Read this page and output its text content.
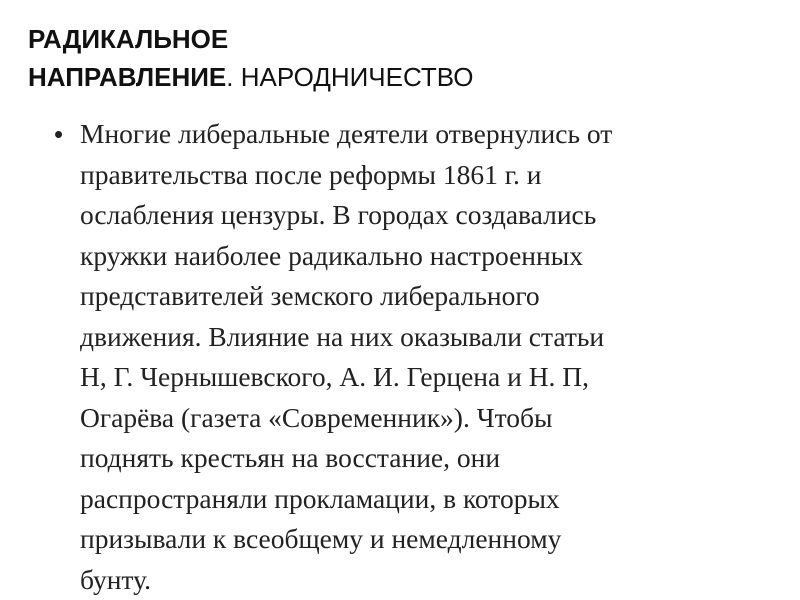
РАДИКАЛЬНОЕ
НАПРАВЛЕНИЕ. НАРОДНИЧЕСТВО
• Многие либеральные деятели отвернулись от
правительства после реформы 1861 г. и
ослабления цензуры. В городах создавались
кружки наиболее радикально настроенных
представителей земского либерального
движения. Влияние на них оказывали статьи
Н, Г. Чернышевского, А. И. Герцена и Н. П,
Огарёва (газета «Современник»). Чтобы
поднять крестьян на восстание, они
распространяли прокламации, в которых
призывали к всеобщему и немедленному
бунту.
